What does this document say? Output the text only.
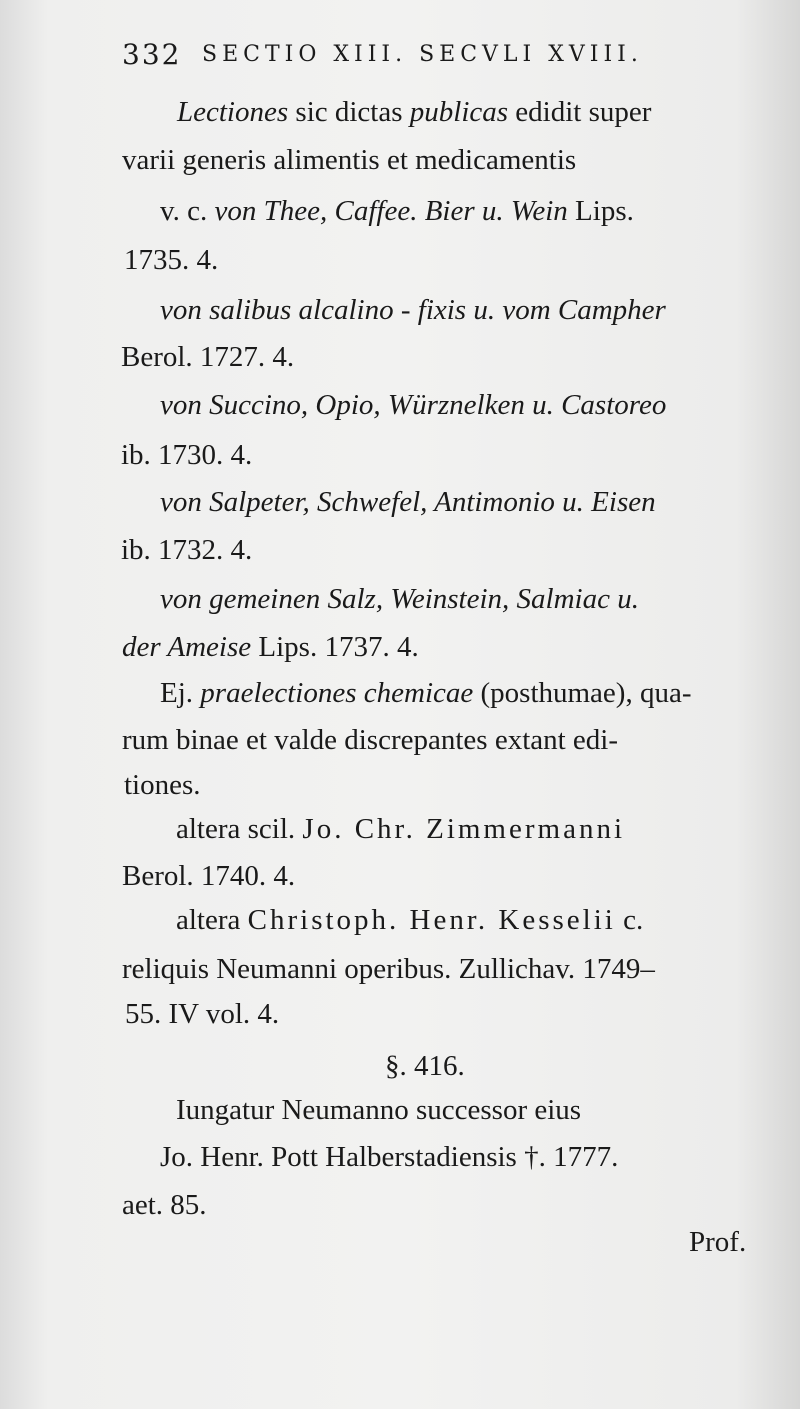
332 SECTIO XIII. SECVLI XVIII.
Lectiones sic dictas publicas edidit super
varii generis alimentis et medicamentis
v. c. von Thee, Caffee. Bier u. Wein Lips.
1735. 4.
von salibus alcalino - fixis u. vom Campher
Berol. 1727. 4.
von Succino, Opio, Würznelken u. Castoreo
ib. 1730. 4.
von Salpeter, Schwefel, Antimonio u. Eisen
ib. 1732. 4.
von gemeinen Salz, Weinstein, Salmiac u.
der Ameise Lips. 1737. 4.
Ej. praelectiones chemicae (posthumae), qua-
rum binae et valde discrepantes extant edi-
tiones.
altera scil. Jo. Chr. Zimmermanni
Berol. 1740. 4.
altera Christoph. Henr. Kesselii c.
reliquis Neumanni operibus. Zullichav. 1749–
55. IV vol. 4.
§. 416.
Iungatur Neumanno successor eius
Jo. Henr. Pott Halberstadiensis †. 1777.
aet. 85.
Prof.
